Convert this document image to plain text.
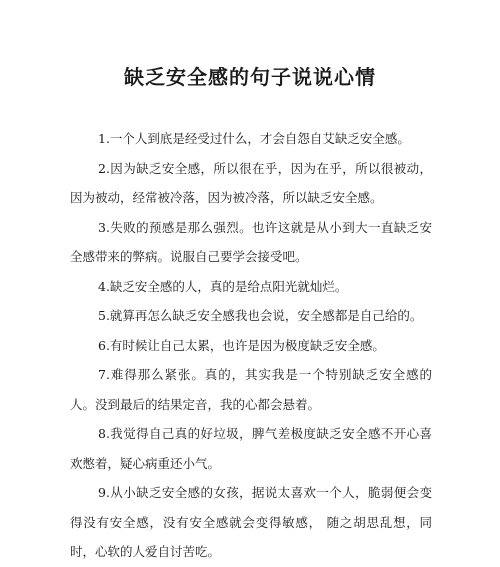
缺乏安全感的句子说说心情

1.一个人到底是经受过什么，才会自怨自艾缺乏安全感。

2.因为缺乏安全感，所以很在乎，因为在乎，所以很被动，因为被动，经常被冷落，因为被冷落，所以缺乏安全感。

3.失败的预感是那么强烈。也许这就是从小到大一直缺乏安全感带来的弊病。说服自己要学会接受吧。

4.缺乏安全感的人，真的是给点阳光就灿烂。

5.就算再怎么缺乏安全感我也会说，安全感都是自己给的。

6.有时候让自己太累，也许是因为极度缺乏安全感。

7.难得那么紧张。真的，其实我是一个特别缺乏安全感的人。没到最后的结果定音，我的心都会悬着。

8.我觉得自己真的好垃圾，脾气差极度缺乏安全感不开心喜欢憋着，疑心病重还小气。

9.从小缺乏安全感的女孩，据说太喜欢一个人，脆弱便会变得没有安全感，没有安全感就会变得敏感， 随之胡思乱想，同时，心软的人爱自讨苦吃。
